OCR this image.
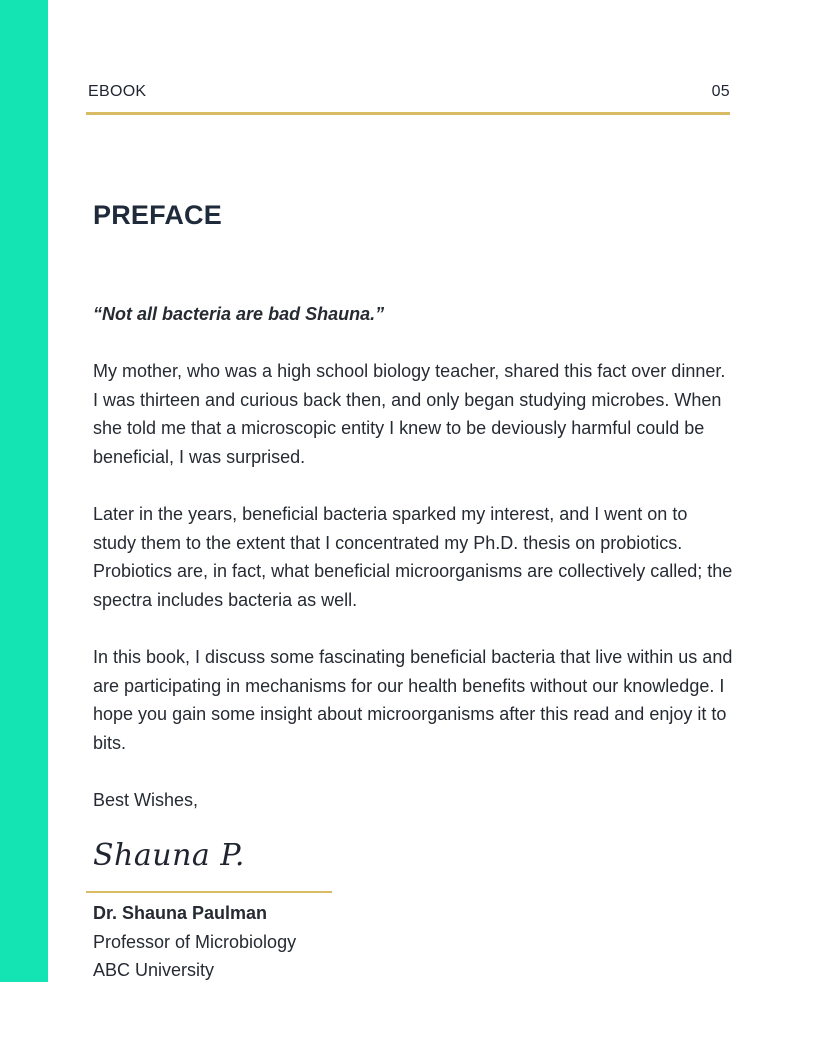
EBOOK	05
PREFACE

“Not all bacteria are bad Shauna.”

My mother, who was a high school biology teacher, shared this fact over dinner. I was thirteen and curious back then, and only began studying microbes. When she told me that a microscopic entity I knew to be deviously harmful could be beneficial, I was surprised.

Later in the years, beneficial bacteria sparked my interest, and I went on to study them to the extent that I concentrated my Ph.D. thesis on probiotics. Probiotics are, in fact, what beneficial microorganisms are collectively called; the spectra includes bacteria as well.

In this book, I discuss some fascinating beneficial bacteria that live within us and are participating in mechanisms for our health benefits without our knowledge. I hope you gain some insight about microorganisms after this read and enjoy it to bits.

Best Wishes,

Shauna P.
Dr. Shauna Paulman
Professor of Microbiology
ABC University
